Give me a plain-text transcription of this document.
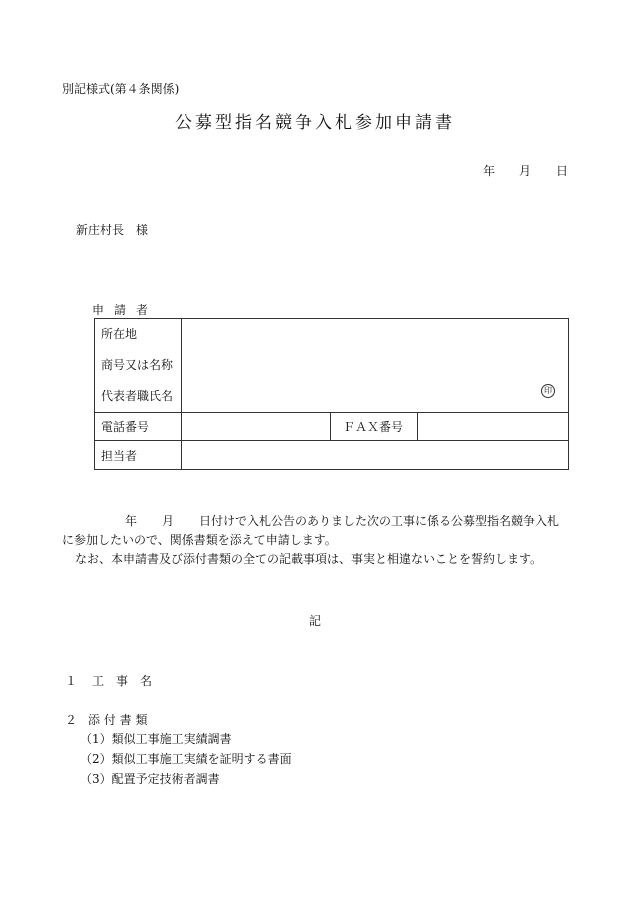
別記様式(第４条関係)
公募型指名競争入札参加申請書
年 月 日
新庄村長　様
申請者
所在地
商号又は名称
代表者職氏名	印		

電話番号		ＦＡＸ番号	
担当者			
年 月 日付けで入札公告のありました次の工事に係る公募型指名競争入札
に参加したいので、関係書類を添えて申請します。
なお、本申請書及び添付書類の全ての記載事項は、事実と相違ないことを誓約します。
記
１ 工　事　名
２ 添 付 書 類
（1）類似工事施工実績調書
（2）類似工事施工実績を証明する書面
（3）配置予定技術者調書
